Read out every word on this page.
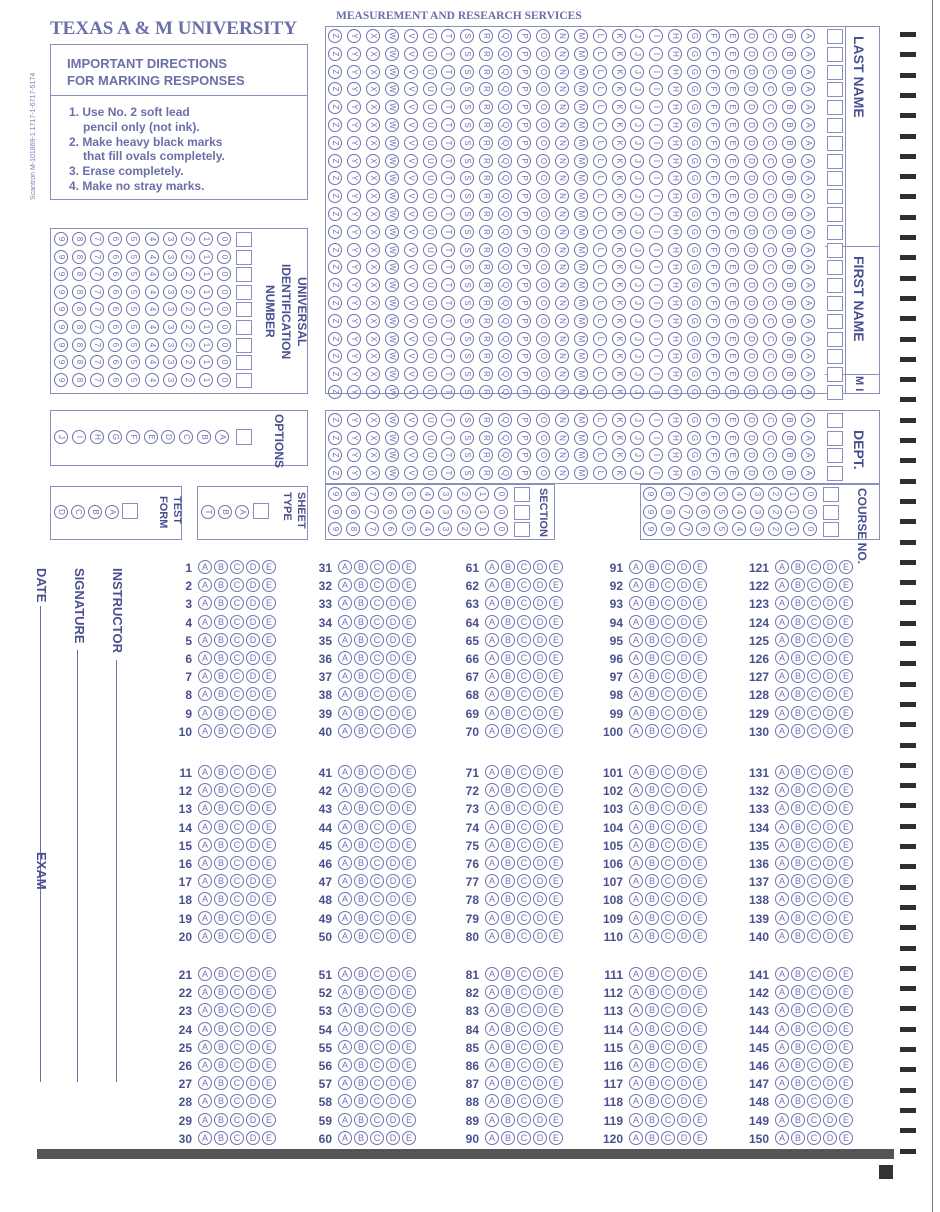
TEXAS A & M UNIVERSITY
MEASUREMENT AND RESEARCH SERVICES
Scantron M-101869-1 1717-1-6717-5174
IMPORTANT DIRECTIONS
FOR MARKING RESPONSES
1. Use No. 2 soft lead
pencil only (not ink).
2. Make heavy black marks
that fill ovals completely.
3. Erase completely.
4. Make no stray marks.
LAST NAME
FIRST NAME
M I
UNIVERSAL IDENTIFICATION
NUMBER
OPTIONS	DEPT.
SECTION	COURSE NO.
TEST FORM	SHEET TYPE
INSTRUCTOR
SIGNATURE
DATE
EXAM
Z	Y	X	W	V	U	T	S	R	Q	P	O	N	M	L	K	J	I	H	G	F	E	D	C	B	A
Z	Y	X	W	V	U	T	S	R	Q	P	O	N	M	L	K	J	I	H	G	F	E	D	C	B	A
Z	Y	X	W	V	U	T	S	R	Q	P	O	N	M	L	K	J	I	H	G	F	E	D	C	B	A
Z	Y	X	W	V	U	T	S	R	Q	P	O	N	M	L	K	J	I	H	G	F	E	D	C	B	A
Z	Y	X	W	V	U	T	S	R	Q	P	O	N	M	L	K	J	I	H	G	F	E	D	C	B	A
Z	Y	X	W	V	U	T	S	R	Q	P	O	N	M	L	K	J	I	H	G	F	E	D	C	B	A
Z	Y	X	W	V	U	T	S	R	Q	P	O	N	M	L	K	J	I	H	G	F	E	D	C	B	A
Z	Y	X	W	V	U	T	S	R	Q	P	O	N	M	L	K	J	I	H	G	F	E	D	C	B	A
Z	Y	X	W	V	U	T	S	R	Q	P	O	N	M	L	K	J	I	H	G	F	E	D	C	B	A
Z	Y	X	W	V	U	T	S	R	Q	P	O	N	M	L	K	J	I	H	G	F	E	D	C	B	A
Z	Y	X	W	V	U	T	S	R	Q	P	O	N	M	L	K	J	I	H	G	F	E	D	C	B	A
Z	Y	X	W	V	U	T	S	R	Q	P	O	N	M	L	K	J	I	H	G	F	E	D	C	B	A
Z	Y	X	W	V	U	T	S	R	Q	P	O	N	M	L	K	J	I	H	G	F	E	D	C	B	A
Z	Y	X	W	V	U	T	S	R	Q	P	O	N	M	L	K	J	I	H	G	F	E	D	C	B	A
Z	Y	X	W	V	U	T	S	R	Q	P	O	N	M	L	K	J	I	H	G	F	E	D	C	B	A
Z	Y	X	W	V	U	T	S	R	Q	P	O	N	M	L	K	J	I	H	G	F	E	D	C	B	A
Z	Y	X	W	V	U	T	S	R	Q	P	O	N	M	L	K	J	I	H	G	F	E	D	C	B	A
Z	Y	X	W	V	U	T	S	R	Q	P	O	N	M	L	K	J	I	H	G	F	E	D	C	B	A
Z	Y	X	W	V	U	T	S	R	Q	P	O	N	M	L	K	J	I	H	G	F	E	D	C	B	A
Z	Y	X	W	V	U	T	S	R	Q	P	O	N	M	L	K	J	I	H	G	F	E	D	C	B	A
Z	Y	X	W	V	U	T	S	R	Q	P	O	N	M	L	K	J	I	H	G	F	E	D	C	B	A
9	8	7	6	5	4	3	2	1	0
9	8	7	6	5	4	3	2	1	0
9	8	7	6	5	4	3	2	1	0
9	8	7	6	5	4	3	2	1	0
9	8	7	6	5	4	3	2	1	0
9	8	7	6	5	4	3	2	1	0
9	8	7	6	5	4	3	2	1	0
9	8	7	6	5	4	3	2	1	0
9	8	7	6	5	4	3	2	1	0
J	I	H	G	F	E	D	C	B	A
Z	Y	X	W	V	U	T	S	R	Q	P	O	N	M	L	K	J	I	H	G	F	E	D	C	B	A
Z	Y	X	W	V	U	T	S	R	Q	P	O	N	M	L	K	J	I	H	G	F	E	D	C	B	A
Z	Y	X	W	V	U	T	S	R	Q	P	O	N	M	L	K	J	I	H	G	F	E	D	C	B	A
Z	Y	X	W	V	U	T	S	R	Q	P	O	N	M	L	K	J	I	H	G	F	E	D	C	B	A
9	8	7	6	5	4	3	2	1	0
9	8	7	6	5	4	3	2	1	0
9	8	7	6	5	4	3	2	1	0
9	8	7	6	5	4	3	2	1	0
9	8	7	6	5	4	3	2	1	0
9	8	7	6	5	4	3	2	1	0
D	C	B	A	T	B	A
1	A	B	C	D	E
2	A	B	C	D	E
3	A	B	C	D	E
4	A	B	C	D	E
5	A	B	C	D	E
6	A	B	C	D	E
7	A	B	C	D	E
8	A	B	C	D	E
9	A	B	C	D	E
10	A	B	C	D	E
11	A	B	C	D	E
12	A	B	C	D	E
13	A	B	C	D	E
14	A	B	C	D	E
15	A	B	C	D	E
16	A	B	C	D	E
17	A	B	C	D	E
18	A	B	C	D	E
19	A	B	C	D	E
20	A	B	C	D	E
21	A	B	C	D	E
22	A	B	C	D	E
23	A	B	C	D	E
24	A	B	C	D	E
25	A	B	C	D	E
26	A	B	C	D	E
27	A	B	C	D	E
28	A	B	C	D	E
29	A	B	C	D	E
30	A	B	C	D	E
31	A	B	C	D	E
32	A	B	C	D	E
33	A	B	C	D	E
34	A	B	C	D	E
35	A	B	C	D	E
36	A	B	C	D	E
37	A	B	C	D	E
38	A	B	C	D	E
39	A	B	C	D	E
40	A	B	C	D	E
41	A	B	C	D	E
42	A	B	C	D	E
43	A	B	C	D	E
44	A	B	C	D	E
45	A	B	C	D	E
46	A	B	C	D	E
47	A	B	C	D	E
48	A	B	C	D	E
49	A	B	C	D	E
50	A	B	C	D	E
51	A	B	C	D	E
52	A	B	C	D	E
53	A	B	C	D	E
54	A	B	C	D	E
55	A	B	C	D	E
56	A	B	C	D	E
57	A	B	C	D	E
58	A	B	C	D	E
59	A	B	C	D	E
60	A	B	C	D	E
61	A	B	C	D	E
62	A	B	C	D	E
63	A	B	C	D	E
64	A	B	C	D	E
65	A	B	C	D	E
66	A	B	C	D	E
67	A	B	C	D	E
68	A	B	C	D	E
69	A	B	C	D	E
70	A	B	C	D	E
71	A	B	C	D	E
72	A	B	C	D	E
73	A	B	C	D	E
74	A	B	C	D	E
75	A	B	C	D	E
76	A	B	C	D	E
77	A	B	C	D	E
78	A	B	C	D	E
79	A	B	C	D	E
80	A	B	C	D	E
81	A	B	C	D	E
82	A	B	C	D	E
83	A	B	C	D	E
84	A	B	C	D	E
85	A	B	C	D	E
86	A	B	C	D	E
87	A	B	C	D	E
88	A	B	C	D	E
89	A	B	C	D	E
90	A	B	C	D	E
91	A	B	C	D	E
92	A	B	C	D	E
93	A	B	C	D	E
94	A	B	C	D	E
95	A	B	C	D	E
96	A	B	C	D	E
97	A	B	C	D	E
98	A	B	C	D	E
99	A	B	C	D	E
100	A	B	C	D	E
101	A	B	C	D	E
102	A	B	C	D	E
103	A	B	C	D	E
104	A	B	C	D	E
105	A	B	C	D	E
106	A	B	C	D	E
107	A	B	C	D	E
108	A	B	C	D	E
109	A	B	C	D	E
110	A	B	C	D	E
111	A	B	C	D	E
112	A	B	C	D	E
113	A	B	C	D	E
114	A	B	C	D	E
115	A	B	C	D	E
116	A	B	C	D	E
117	A	B	C	D	E
118	A	B	C	D	E
119	A	B	C	D	E
120	A	B	C	D	E
121	A	B	C	D	E
122	A	B	C	D	E
123	A	B	C	D	E
124	A	B	C	D	E
125	A	B	C	D	E
126	A	B	C	D	E
127	A	B	C	D	E
128	A	B	C	D	E
129	A	B	C	D	E
130	A	B	C	D	E
131	A	B	C	D	E
132	A	B	C	D	E
133	A	B	C	D	E
134	A	B	C	D	E
135	A	B	C	D	E
136	A	B	C	D	E
137	A	B	C	D	E
138	A	B	C	D	E
139	A	B	C	D	E
140	A	B	C	D	E
141	A	B	C	D	E
142	A	B	C	D	E
143	A	B	C	D	E
144	A	B	C	D	E
145	A	B	C	D	E
146	A	B	C	D	E
147	A	B	C	D	E
148	A	B	C	D	E
149	A	B	C	D	E
150	A	B	C	D	E
